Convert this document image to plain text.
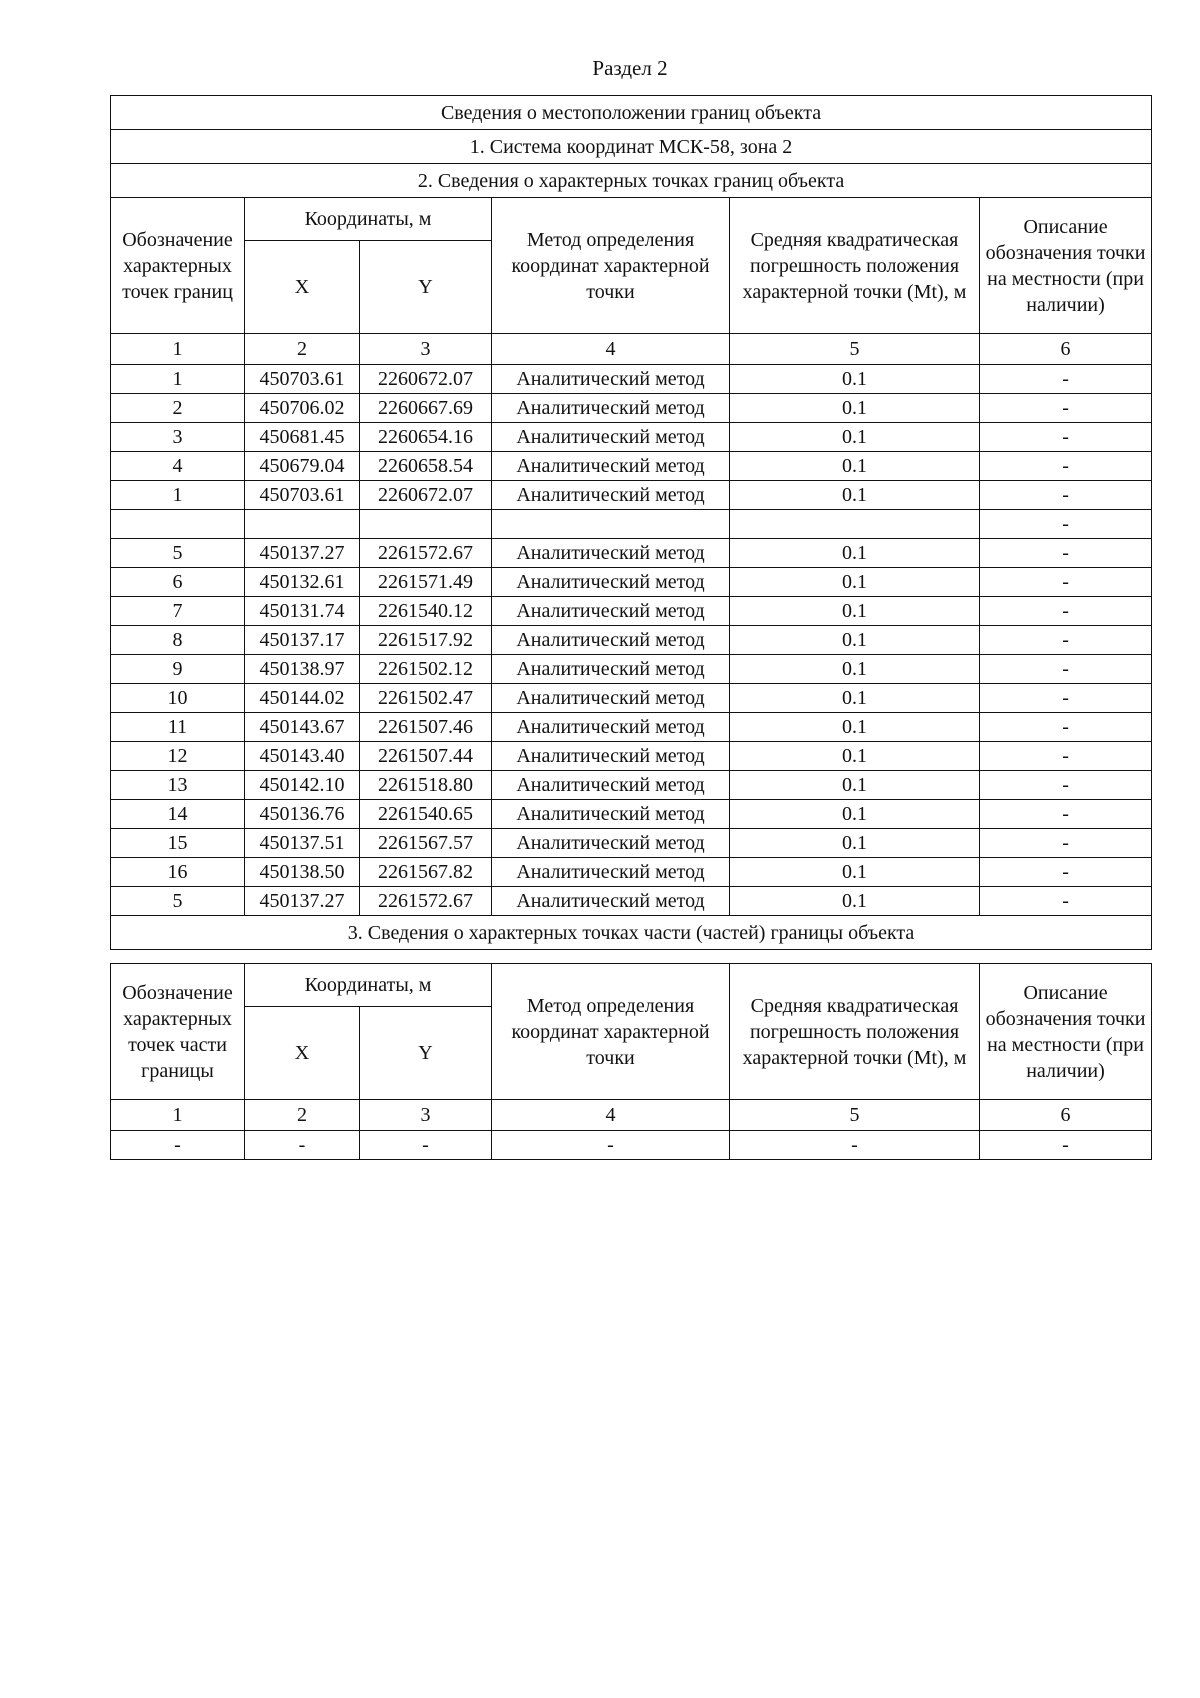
Раздел 2
Сведения о местоположении границ объекта					
1. Система координат МСК-58, зона 2					
2. Сведения о характерных точках границ объекта					
Обозначение характерных точек границ	Координаты, м		Метод определения координат характерной точки	Средняя квадратическая погрешность положения характерной точки (Mt), м	Описание обозначения точки на местности (при наличии)
	X	Y			
1	2	3	4	5	6
1	450703.61	2260672.07	Аналитический метод	0.1	-
2	450706.02	2260667.69	Аналитический метод	0.1	-
3	450681.45	2260654.16	Аналитический метод	0.1	-
4	450679.04	2260658.54	Аналитический метод	0.1	-
1	450703.61	2260672.07	Аналитический метод	0.1	-
					-
5	450137.27	2261572.67	Аналитический метод	0.1	-
6	450132.61	2261571.49	Аналитический метод	0.1	-
7	450131.74	2261540.12	Аналитический метод	0.1	-
8	450137.17	2261517.92	Аналитический метод	0.1	-
9	450138.97	2261502.12	Аналитический метод	0.1	-
10	450144.02	2261502.47	Аналитический метод	0.1	-
11	450143.67	2261507.46	Аналитический метод	0.1	-
12	450143.40	2261507.44	Аналитический метод	0.1	-
13	450142.10	2261518.80	Аналитический метод	0.1	-
14	450136.76	2261540.65	Аналитический метод	0.1	-
15	450137.51	2261567.57	Аналитический метод	0.1	-
16	450138.50	2261567.82	Аналитический метод	0.1	-
5	450137.27	2261572.67	Аналитический метод	0.1	-
3. Сведения о характерных точках части (частей) границы объекта					
Обозначение характерных точек части границы	Координаты, м		Метод определения координат характерной точки	Средняя квадратическая погрешность положения характерной точки (Mt), м	Описание обозначения точки на местности (при наличии)
	X	Y			
1	2	3	4	5	6
-	-	-	-	-	-
